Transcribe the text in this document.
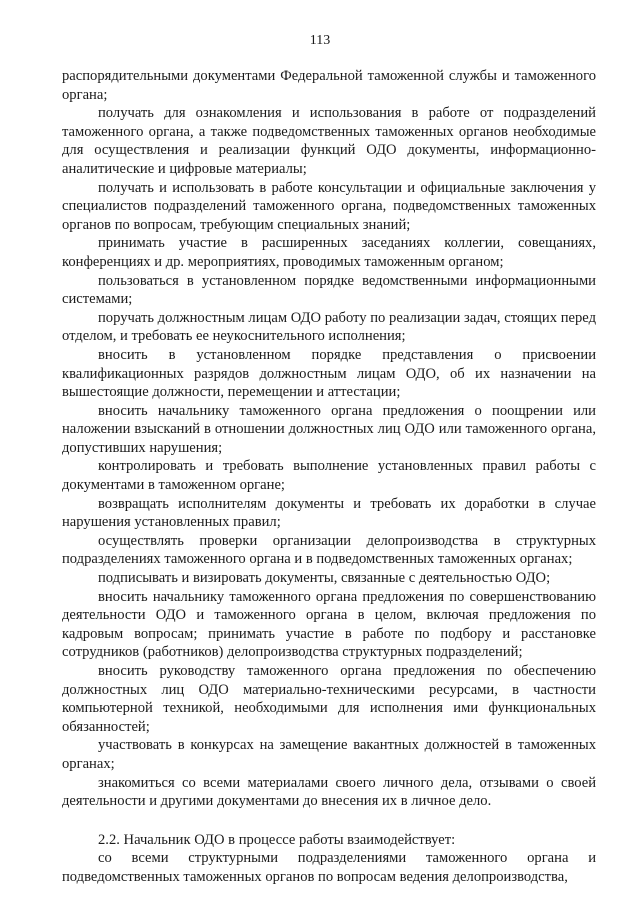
113

распорядительными документами Федеральной таможенной службы и таможенного органа;

получать для ознакомления и использования в работе от подразделений таможенного органа, а также подведомственных таможенных органов необходимые для осуществления и реализации функций ОДО документы, информационно-аналитические и цифровые материалы;

получать и использовать в работе консультации и официальные заключения у специалистов подразделений таможенного органа, подведомственных таможенных органов по вопросам, требующим специальных знаний;

принимать участие в расширенных заседаниях коллегии, совещаниях, конференциях и др. мероприятиях, проводимых таможенным органом;

пользоваться в установленном порядке ведомственными информационными системами;

поручать должностным лицам ОДО работу по реализации задач, стоящих перед отделом, и требовать ее неукоснительного исполнения;

вносить в установленном порядке представления о присвоении квалификационных разрядов должностным лицам ОДО, об их назначении на вышестоящие должности, перемещении и аттестации;

вносить начальнику таможенного органа предложения о поощрении или наложении взысканий в отношении должностных лиц ОДО или таможенного органа, допустивших нарушения;

контролировать и требовать выполнение установленных правил работы с документами в таможенном органе;

возвращать исполнителям документы и требовать их доработки в случае нарушения установленных правил;

осуществлять проверки организации делопроизводства в структурных подразделениях таможенного органа и в подведомственных таможенных органах;

подписывать и визировать документы, связанные с деятельностью ОДО;

вносить начальнику таможенного органа предложения по совершенствованию деятельности ОДО и таможенного органа в целом, включая предложения по кадровым вопросам; принимать участие в работе по подбору и расстановке сотрудников (работников) делопроизводства структурных подразделений;

вносить руководству таможенного органа предложения по обеспечению должностных лиц ОДО материально-техническими ресурсами, в частности компьютерной техникой, необходимыми для исполнения ими функциональных обязанностей;

участвовать в конкурсах на замещение вакантных должностей в таможенных органах;

знакомиться со всеми материалами своего личного дела, отзывами о своей деятельности и другими документами до внесения их в личное дело.

2.2. Начальник ОДО в процессе работы взаимодействует:

со всеми структурными подразделениями таможенного органа и подведомственных таможенных органов по вопросам ведения делопроизводства,
